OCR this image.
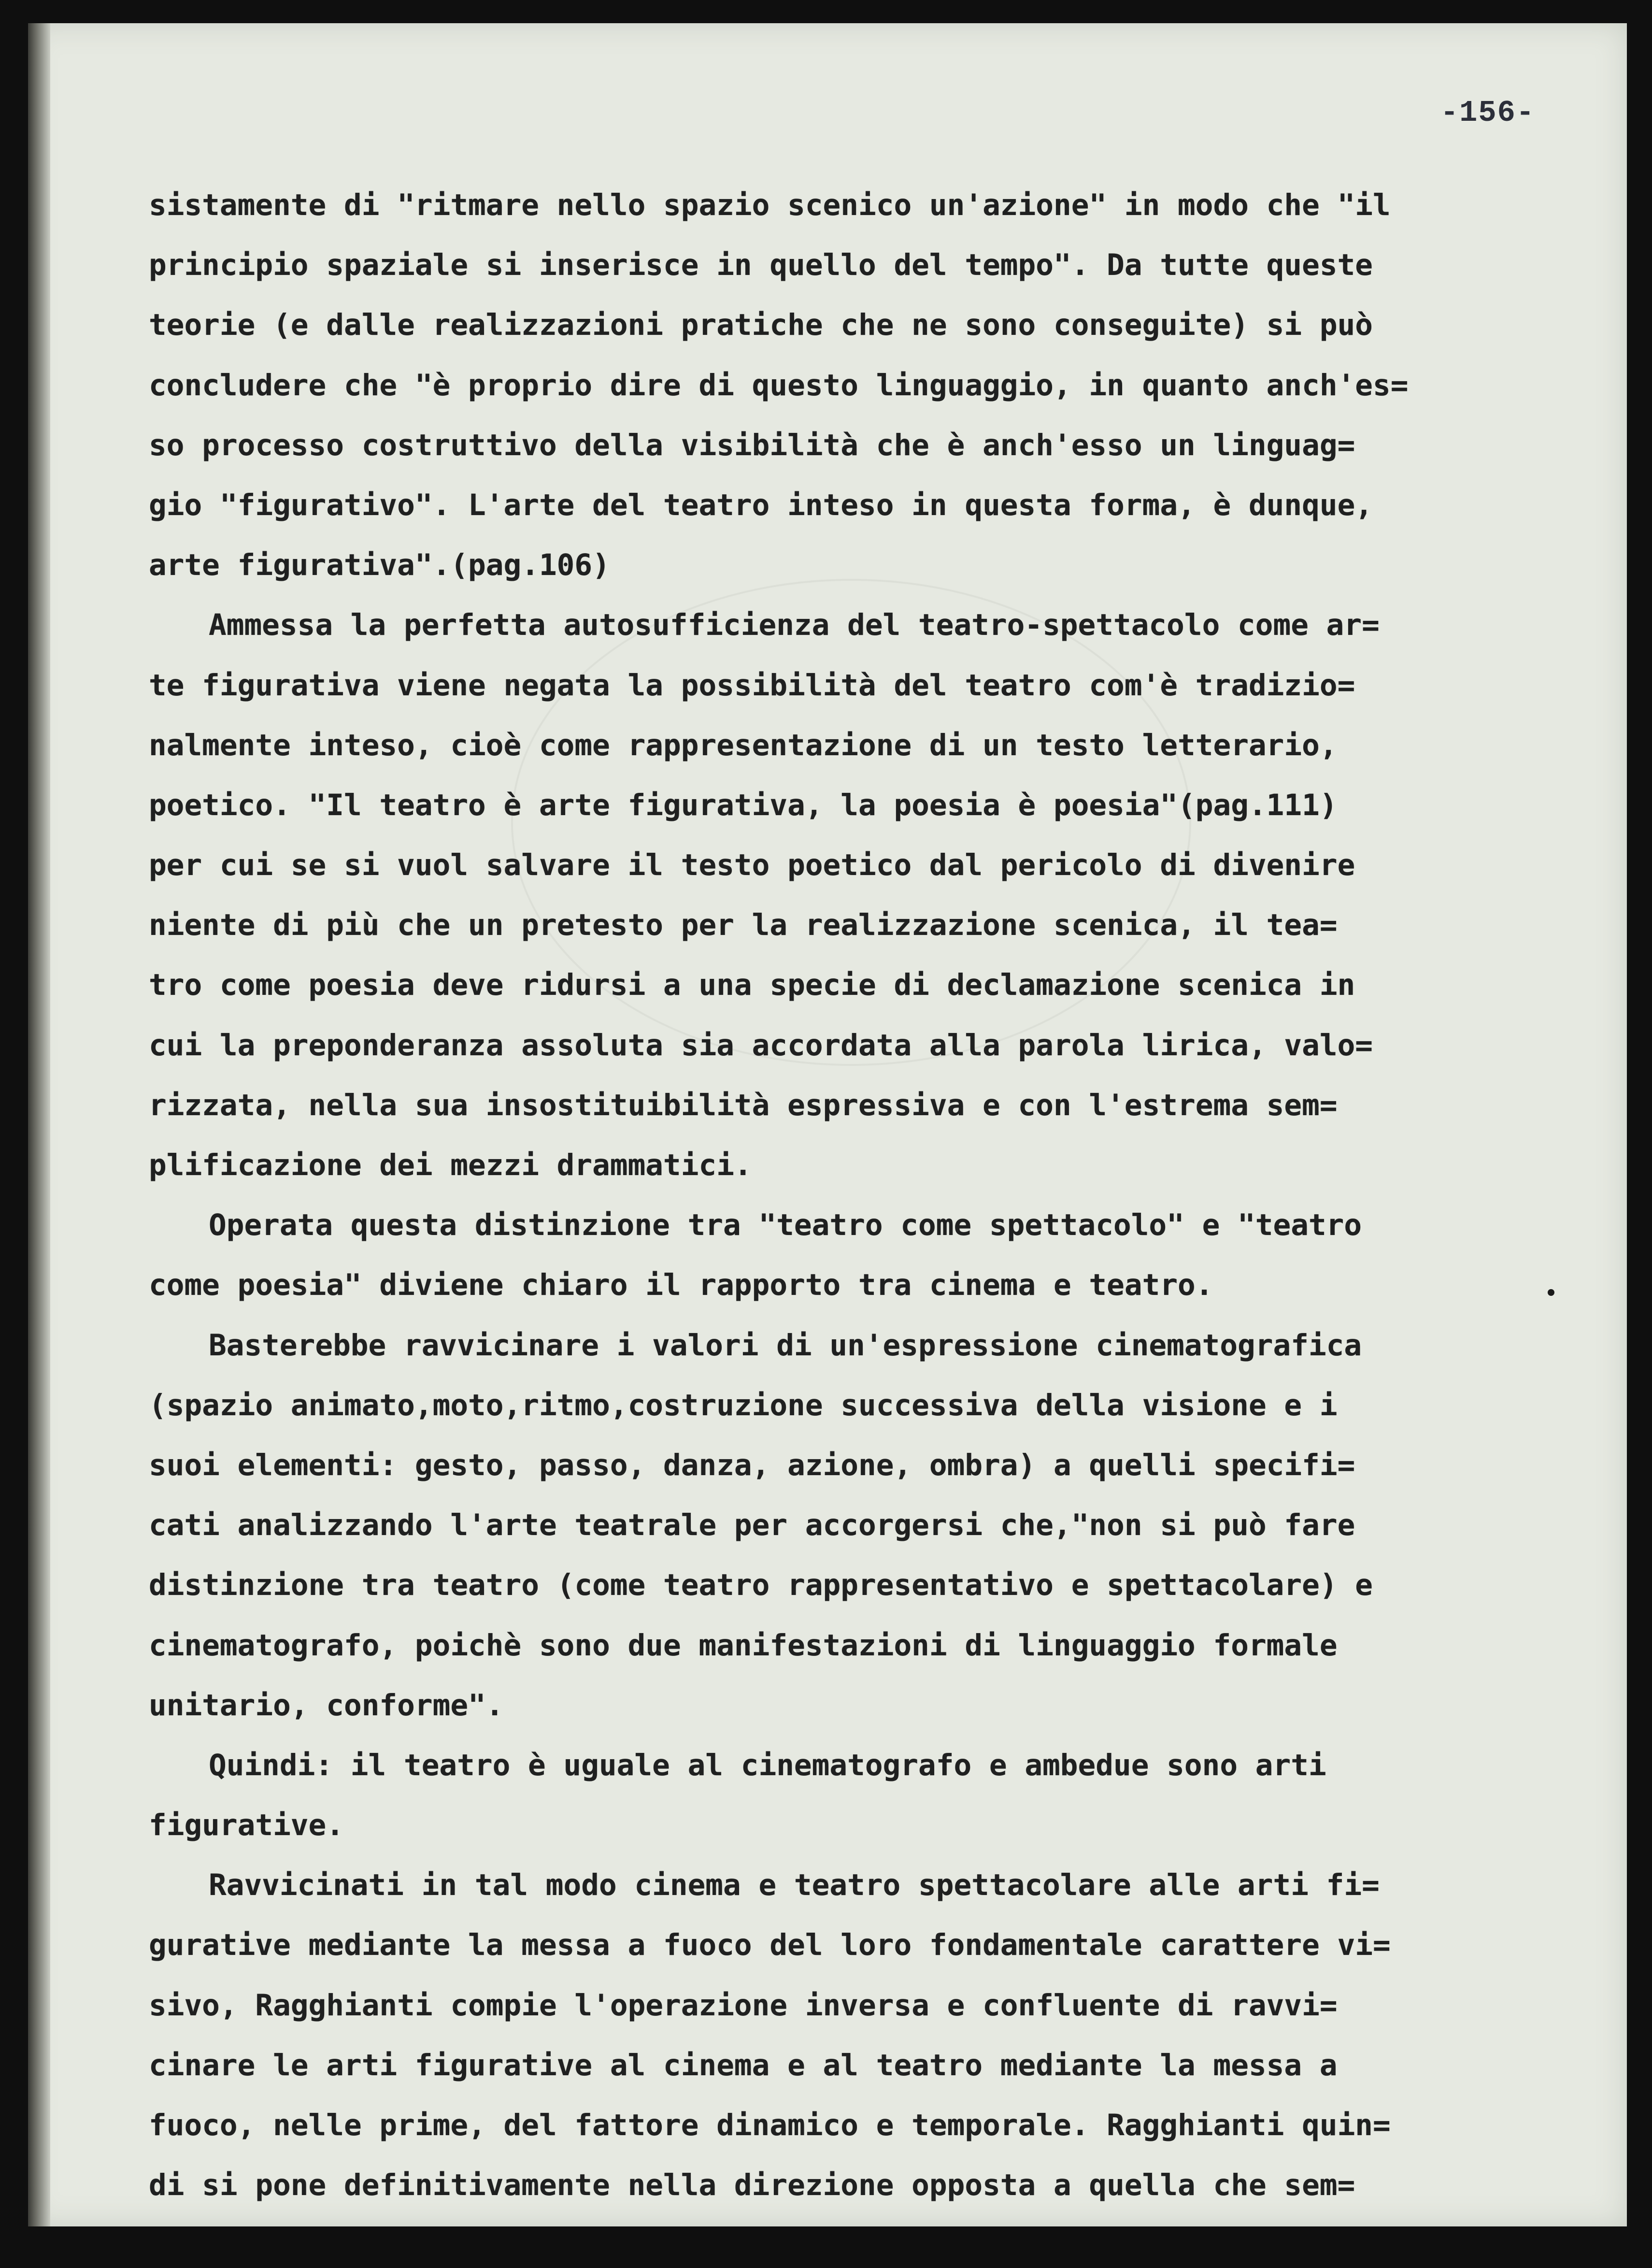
-156-
sistamente di "ritmare nello spazio scenico un'azione" in modo che "il
principio spaziale si inserisce in quello del tempo". Da tutte queste
teorie (e dalle realizzazioni pratiche che ne sono conseguite) si può
concludere che "è proprio dire di questo linguaggio, in quanto anch'es=
so processo costruttivo della visibilità che è anch'esso un linguag=
gio "figurativo". L'arte del teatro inteso in questa forma, è dunque,
arte figurativa".(pag.106)
Ammessa la perfetta autosufficienza del teatro-spettacolo come ar=
te figurativa viene negata la possibilità del teatro com'è tradizio=
nalmente inteso, cioè come rappresentazione di un testo letterario,
poetico. "Il teatro è arte figurativa, la poesia è poesia"(pag.111)
per cui se si vuol salvare il testo poetico dal pericolo di divenire
niente di più che un pretesto per la realizzazione scenica, il tea=
tro come poesia deve ridursi a una specie di declamazione scenica in
cui la preponderanza assoluta sia accordata alla parola lirica, valo=
rizzata, nella sua insostituibilità espressiva e con l'estrema sem=
plificazione dei mezzi drammatici.
Operata questa distinzione tra "teatro come spettacolo" e "teatro
come poesia" diviene chiaro il rapporto tra cinema e teatro.
Basterebbe ravvicinare i valori di un'espressione cinematografica
(spazio animato,moto,ritmo,costruzione successiva della visione e i
suoi elementi: gesto, passo, danza, azione, ombra) a quelli specifi=
cati analizzando l'arte teatrale per accorgersi che,"non si può fare
distinzione tra teatro (come teatro rappresentativo e spettacolare) e
cinematografo, poichè sono due manifestazioni di linguaggio formale
unitario, conforme".
Quindi: il teatro è uguale al cinematografo e ambedue sono arti
figurative.
Ravvicinati in tal modo cinema e teatro spettacolare alle arti fi=
gurative mediante la messa a fuoco del loro fondamentale carattere vi=
sivo, Ragghianti compie l'operazione inversa e confluente di ravvi=
cinare le arti figurative al cinema e al teatro mediante la messa a
fuoco, nelle prime, del fattore dinamico e temporale. Ragghianti quin=
di si pone definitivamente nella direzione opposta a quella che sem=
